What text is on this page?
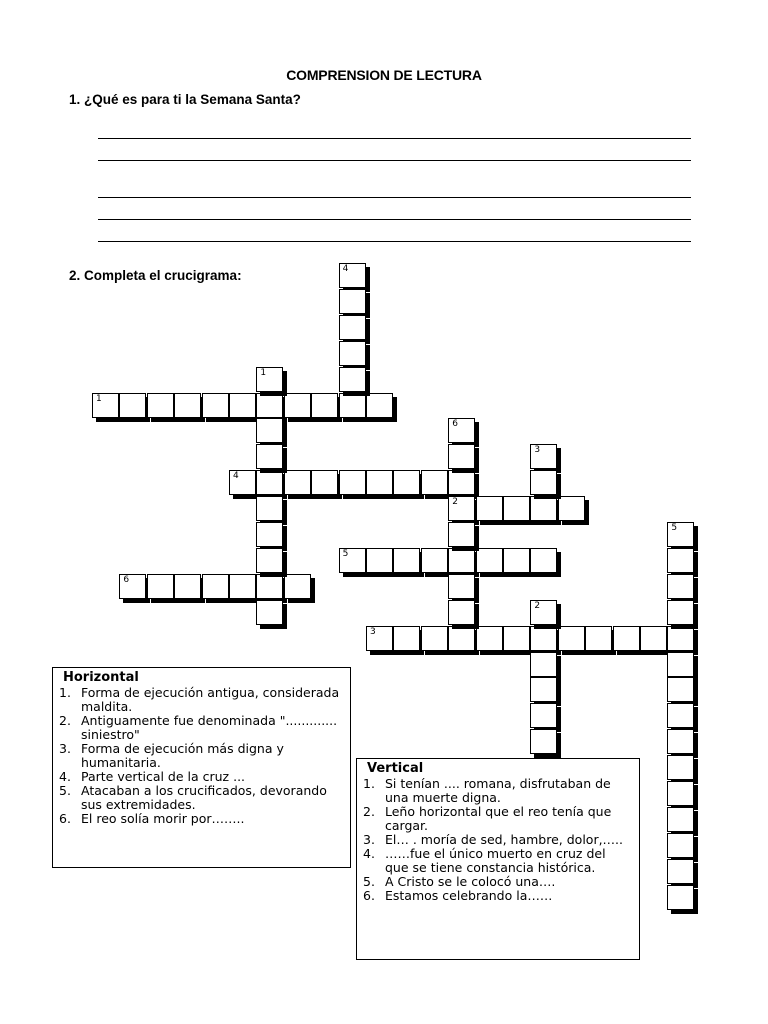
COMPRENSION DE LECTURA
1. ¿Qué es para ti la Semana Santa?
2. Completa el crucigrama:
1
4
2
5
6
3
4
1
6
3
5
2
Horizontal
1. Forma de ejecución antigua, considerada maldita.
2. Antiguamente fue denominada "............. siniestro"
3. Forma de ejecución más digna y humanitaria.
4. Parte vertical de la cruz ...
5. Atacaban a los crucificados, devorando sus extremidades.
6. El reo solía morir por……..
Vertical
1. Si tenían .... romana, disfrutaban de una muerte digna.
2. Leño horizontal que el reo tenía que cargar.
3. El… . moría de sed, hambre, dolor,…..
4. ……fue el único muerto en cruz del que se tiene constancia histórica.
5. A Cristo se le colocó una….
6. Estamos celebrando la……
